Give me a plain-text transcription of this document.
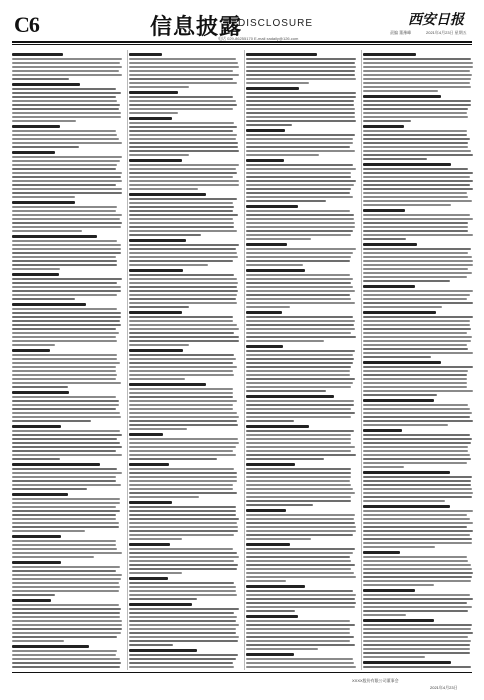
C6	信息披露
DISCLOSURE	西安日报
责编 董豫峰	2021年4月23日 星期五
电话 029-86255170 E-mail xadaily@126.com
XXXX股份有限公司董事会
2021年4月23日
